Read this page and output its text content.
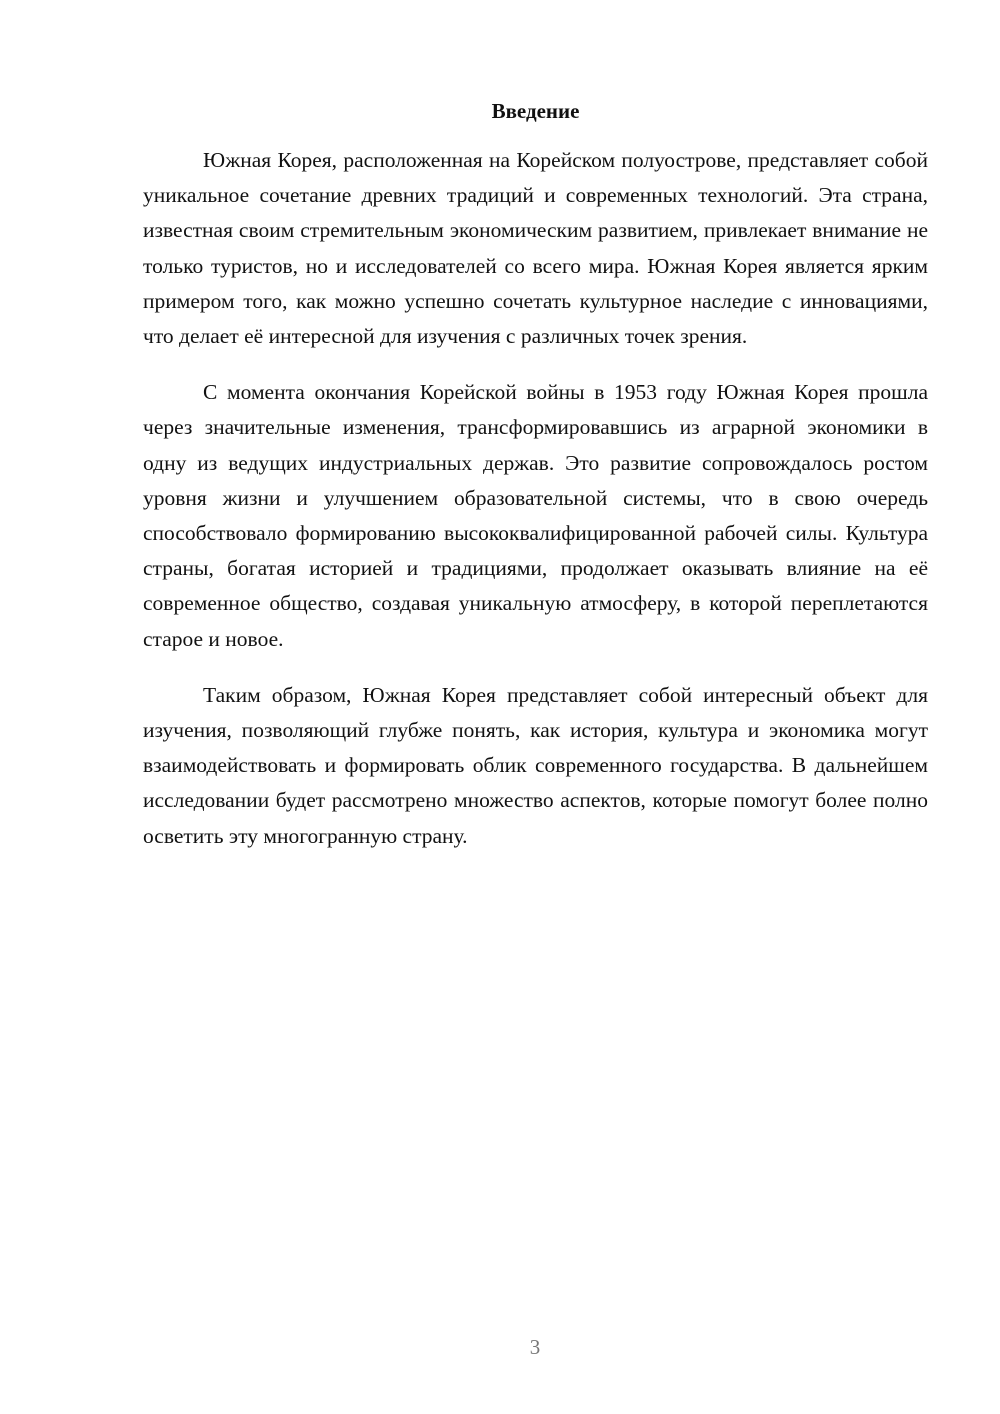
Введение

Южная Корея, расположенная на Корейском полуострове, представляет собой уникальное сочетание древних традиций и современных технологий. Эта страна, известная своим стремительным экономическим развитием, привлекает внимание не только туристов, но и исследователей со всего мира. Южная Корея является ярким примером того, как можно успешно сочетать культурное наследие с инновациями, что делает её интересной для изучения с различных точек зрения.

С момента окончания Корейской войны в 1953 году Южная Корея прошла через значительные изменения, трансформировавшись из аграрной экономики в одну из ведущих индустриальных держав. Это развитие сопровождалось ростом уровня жизни и улучшением образовательной системы, что в свою очередь способствовало формированию высококвалифицированной рабочей силы. Культура страны, богатая историей и традициями, продолжает оказывать влияние на её современное общество, создавая уникальную атмосферу, в которой переплетаются старое и новое.

Таким образом, Южная Корея представляет собой интересный объект для изучения, позволяющий глубже понять, как история, культура и экономика могут взаимодействовать и формировать облик современного государства. В дальнейшем исследовании будет рассмотрено множество аспектов, которые помогут более полно осветить эту многогранную страну.

3
